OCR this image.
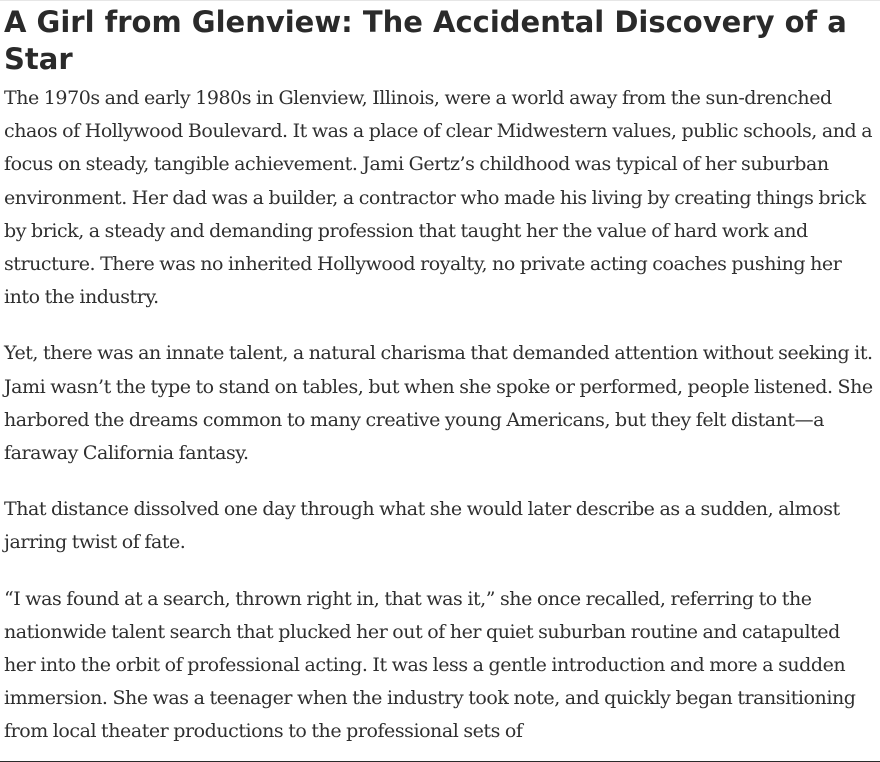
A Girl from Glenview: The Accidental Discovery of a Star

The 1970s and early 1980s in Glenview, Illinois, were a world away from the sun-drenched chaos of Hollywood Boulevard. It was a place of clear Midwestern values, public schools, and a focus on steady, tangible achievement. Jami Gertz’s childhood was typical of her suburban environment. Her dad was a builder, a contractor who made his living by creating things brick by brick, a steady and demanding profession that taught her the value of hard work and structure. There was no inherited Hollywood royalty, no private acting coaches pushing her into the industry.

Yet, there was an innate talent, a natural charisma that demanded attention without seeking it. Jami wasn’t the type to stand on tables, but when she spoke or performed, people listened. She harbored the dreams common to many creative young Americans, but they felt distant—a faraway California fantasy.

That distance dissolved one day through what she would later describe as a sudden, almost jarring twist of fate.

“I was found at a search, thrown right in, that was it,” she once recalled, referring to the nationwide talent search that plucked her out of her quiet suburban routine and catapulted her into the orbit of professional acting. It was less a gentle introduction and more a sudden immersion. She was a teenager when the industry took note, and quickly began transitioning from local theater productions to the professional sets of
